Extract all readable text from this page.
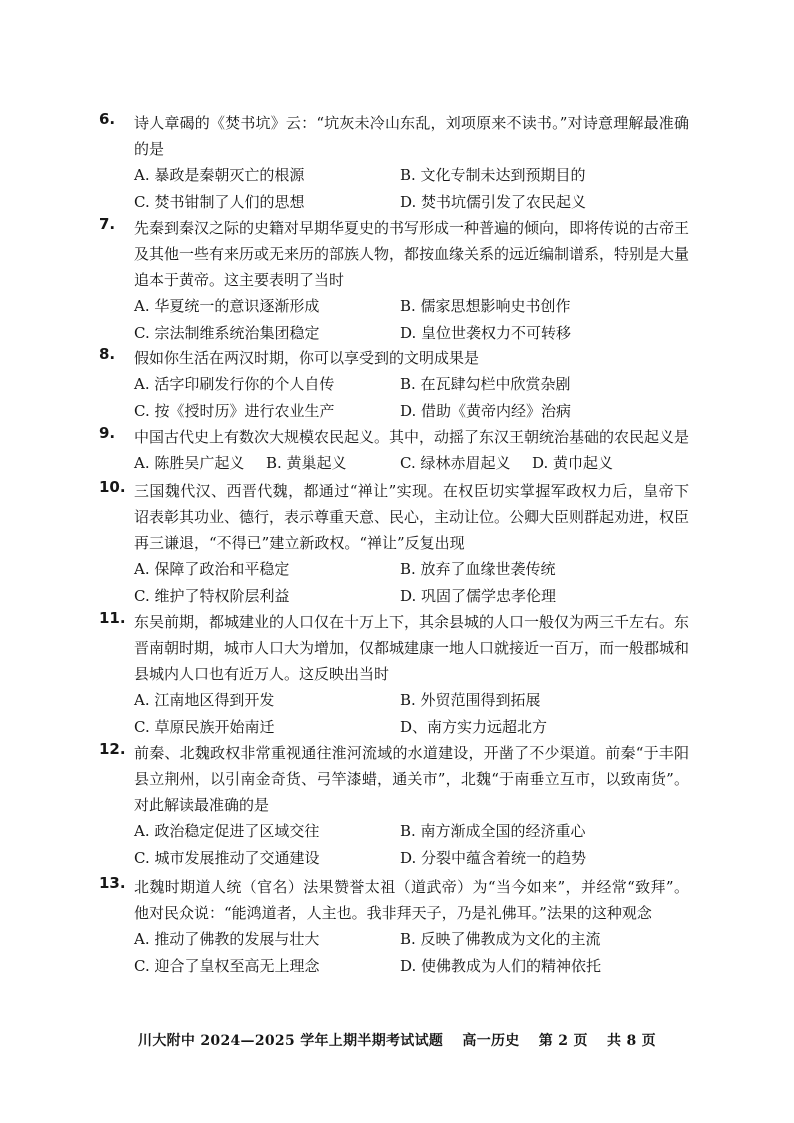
6. 诗人章碣的《焚书坑》云：“坑灰未冷山东乱，刘项原来不读书。”对诗意理解最准确的是
A. 暴政是秦朝灭亡的根源	B. 文化专制未达到预期目的
C. 焚书钳制了人们的思想	D. 焚书坑儒引发了农民起义
7. 先秦到秦汉之际的史籍对早期华夏史的书写形成一种普遍的倾向，即将传说的古帝王及其他一些有来历或无来历的部族人物，都按血缘关系的远近编制谱系，特别是大量追本于黄帝。这主要表明了当时
A. 华夏统一的意识逐渐形成	B. 儒家思想影响史书创作
C. 宗法制维系统治集团稳定	D. 皇位世袭权力不可转移
8. 假如你生活在两汉时期，你可以享受到的文明成果是
A. 活字印刷发行你的个人自传	B. 在瓦肆勾栏中欣赏杂剧
C. 按《授时历》进行农业生产	D. 借助《黄帝内经》治病
9. 中国古代史上有数次大规模农民起义。其中，动摇了东汉王朝统治基础的农民起义是
A. 陈胜吴广起义 B. 黄巢起义	C. 绿林赤眉起义 D. 黄巾起义
10. 三国魏代汉、西晋代魏，都通过“禅让”实现。在权臣切实掌握军政权力后，皇帝下诏表彰其功业、德行，表示尊重天意、民心，主动让位。公卿大臣则群起劝进，权臣再三谦退，“不得已”建立新政权。“禅让”反复出现
A. 保障了政治和平稳定	B. 放弃了血缘世袭传统
C. 维护了特权阶层利益	D. 巩固了儒学忠孝伦理
11. 东吴前期，都城建业的人口仅在十万上下，其余县城的人口一般仅为两三千左右。东晋南朝时期，城市人口大为增加，仅都城建康一地人口就接近一百万，而一般郡城和县城内人口也有近万人。这反映出当时
A. 江南地区得到开发	B. 外贸范围得到拓展
C. 草原民族开始南迁	D、南方实力远超北方
12. 前秦、北魏政权非常重视通往淮河流域的水道建设，开凿了不少渠道。前秦“于丰阳县立荆州，以引南金奇货、弓竿漆蜡，通关市”，北魏“于南垂立互市，以致南货”。对此解读最准确的是
A. 政治稳定促进了区域交往	B. 南方渐成全国的经济重心
C. 城市发展推动了交通建设	D. 分裂中蕴含着统一的趋势
13. 北魏时期道人统（官名）法果赞誉太祖（道武帝）为“当今如来”，并经常“致拜”。他对民众说：“能鸿道者，人主也。我非拜天子，乃是礼佛耳。”法果的这种观念
A. 推动了佛教的发展与壮大	B. 反映了佛教成为文化的主流
C. 迎合了皇权至高无上理念	D. 使佛教成为人们的精神依托
川大附中 2024—2025 学年上期半期考试试题 高一历史 第 2 页 共 8 页
